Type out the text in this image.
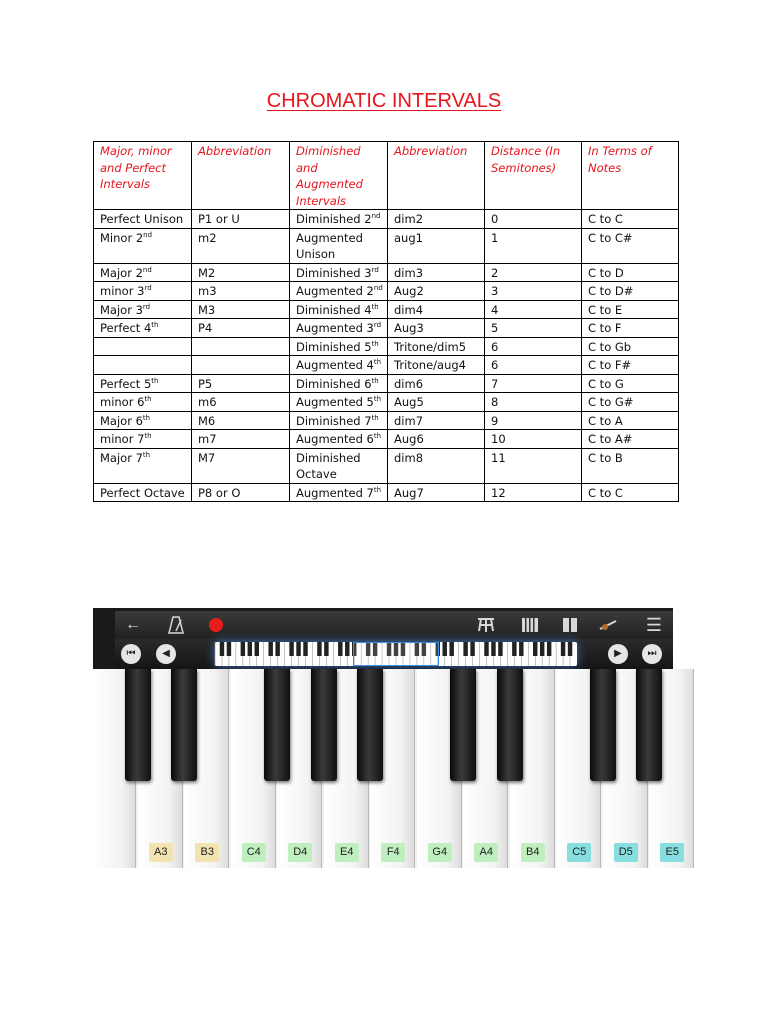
CHROMATIC INTERVALS
Major, minor and Perfect Intervals	Abbreviation	Diminished and Augmented Intervals	Abbreviation	Distance (In Semitones)	In Terms of Notes
Perfect Unison	P1 or U	Diminished 2nd	dim2	0	C to C
Minor 2nd	m2	Augmented Unison	aug1	1	C to C#
Major 2nd	M2	Diminished 3rd	dim3	2	C to D
minor 3rd	m3	Augmented 2nd	Aug2	3	C to D#
Major 3rd	M3	Diminished 4th	dim4	4	C to E
Perfect 4th	P4	Augmented 3rd	Aug3	5	C to F
		Diminished 5th	Tritone/dim5	6	C to Gb
		Augmented 4th	Tritone/aug4	6	C to F#
Perfect 5th	P5	Diminished 6th	dim6	7	C to G
minor 6th	m6	Augmented 5th	Aug5	8	C to G#
Major 6th	M6	Diminished 7th	dim7	9	C to A
minor 7th	m7	Augmented 6th	Aug6	10	C to A#
Major 7th	M7	Diminished Octave	dim8	11	C to B
Perfect Octave	P8 or O	Augmented 7th	Aug7	12	C to C
←	☰
⏮	◀	▶	⏭
A3	B3	C4	D4	E4	F4	G4	A4	B4	C5	D5	E5
